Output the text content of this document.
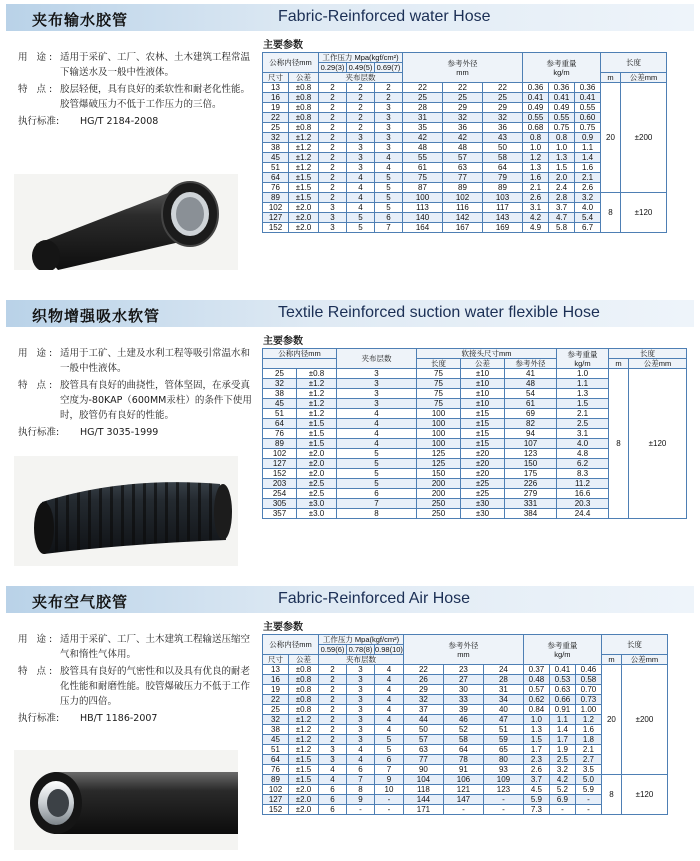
夹布输水胶管	Fabric-Reinforced water Hose
用 途: 适用于采矿、工厂、农林、土木建筑工程常温下输送水及一般中性液体。
特 点: 胶层轻便，具有良好的柔软性和耐老化性能。胶管爆破压力不低于工作压力的三倍。
执行标准:	HG/T 2184-2008
主要参数
公称内径mm		工作压力 Mpa(kgf/cm²)			参考外径
mm			参考重量
kg/m			长度	
		0.29(3)	0.49(5)	0.69(7)								
尺寸	公差	夹布层数									m	公差mm
13	±0.8	2	2	2	22	22	22	0.36	0.36	0.36	20	±200
16	±0.8	2	2	2	25	25	25	0.41	0.41	0.41		
19	±0.8	2	2	3	28	29	29	0.49	0.49	0.55		
22	±0.8	2	2	3	31	32	32	0.55	0.55	0.60		
25	±0.8	2	2	3	35	36	36	0.68	0.75	0.75		
32	±1.2	2	3	3	42	42	43	0.8	0.8	0.9		
38	±1.2	2	3	3	48	48	50	1.0	1.0	1.1		
45	±1.2	2	3	4	55	57	58	1.2	1.3	1.4		
51	±1.2	2	3	4	61	63	64	1.3	1.5	1.6		
64	±1.5	2	4	5	75	77	79	1.6	2.0	2.1		
76	±1.5	2	4	5	87	89	89	2.1	2.4	2.6		
89	±1.5	2	4	5	100	102	103	2.6	2.8	3.2	8	±120
102	±2.0	3	4	5	113	116	117	3.1	3.7	4.0		
127	±2.0	3	5	6	140	142	143	4.2	4.7	5.4		
152	±2.0	3	5	7	164	167	169	4.9	5.8	6.7		
织物增强吸水软管	Textile Reinforced suction water flexible Hose
用 途: 适用于工矿、土建及水利工程等吸引常温水和一般中性液体。
特 点: 胶管具有良好的曲挠性，管体坚固，在承受真空度为-80KAP（600MM汞柱）的条件下使用时，胶管仍有良好的性能。
执行标准:	HG/T 3035-1999
主要参数
公称内径mm		夹布层数	软接头尺寸mm			参考重量
kg/m	长度	
			长度	公差	参考外径		m	公差mm
25	±0.8	3	75	±10	41	1.0	8	±120
32	±1.2	3	75	±10	48	1.1		
38	±1.2	3	75	±10	54	1.3		
45	±1.2	3	75	±10	61	1.5		
51	±1.2	4	100	±15	69	2.1		
64	±1.5	4	100	±15	82	2.5		
76	±1.5	4	100	±15	94	3.1		
89	±1.5	4	100	±15	107	4.0		
102	±2.0	5	125	±20	123	4.8		
127	±2.0	5	125	±20	150	6.2		
152	±2.0	5	150	±20	175	8.3		
203	±2.5	5	200	±25	226	11.2		
254	±2.5	6	200	±25	279	16.6		
305	±3.0	7	250	±30	331	20.3		
357	±3.0	8	250	±30	384	24.4		
夹布空气胶管	Fabric-Reinforced Air Hose
用 途: 适用于采矿、工厂、土木建筑工程输送压缩空气和惰性气体用。
特 点: 胶管具有良好的气密性和以及具有优良的耐老化性能和耐磨性能。胶管爆破压力不低于工作压力的四倍。
执行标准:	HB/T 1186-2007
主要参数
公称内径mm		工作压力 Mpa(kgf/cm²)			参考外径
mm			参考重量
kg/m			长度	
		0.59(6)	0.78(8)	0.98(10)								
尺寸	公差	夹布层数									m	公差mm
13	±0.8	2	3	4	22	23	24	0.37	0.41	0.46	20	±200
16	±0.8	2	3	4	26	27	28	0.48	0.53	0.58		
19	±0.8	2	3	4	29	30	31	0.57	0.63	0.70		
22	±0.8	2	3	4	32	33	34	0.62	0.66	0.73		
25	±0.8	2	3	4	37	39	40	0.84	0.91	1.00		
32	±1.2	2	3	4	44	46	47	1.0	1.1	1.2		
38	±1.2	2	3	4	50	52	51	1.3	1.4	1.6		
45	±1.2	2	3	5	57	58	59	1.5	1.7	1.8		
51	±1.2	3	4	5	63	64	65	1.7	1.9	2.1		
64	±1.5	3	4	6	77	78	80	2.3	2.5	2.7		
76	±1.5	4	6	7	90	91	93	2.6	3.2	3.5		
89	±1.5	4	7	9	104	106	109	3.7	4.2	5.0	8	±120
102	±2.0	6	8	10	118	121	123	4.5	5.2	5.9		
127	±2.0	6	9	-	144	147	-	5.9	6.9	-		
152	±2.0	6	-	-	171	-	-	7.3	-	-		
